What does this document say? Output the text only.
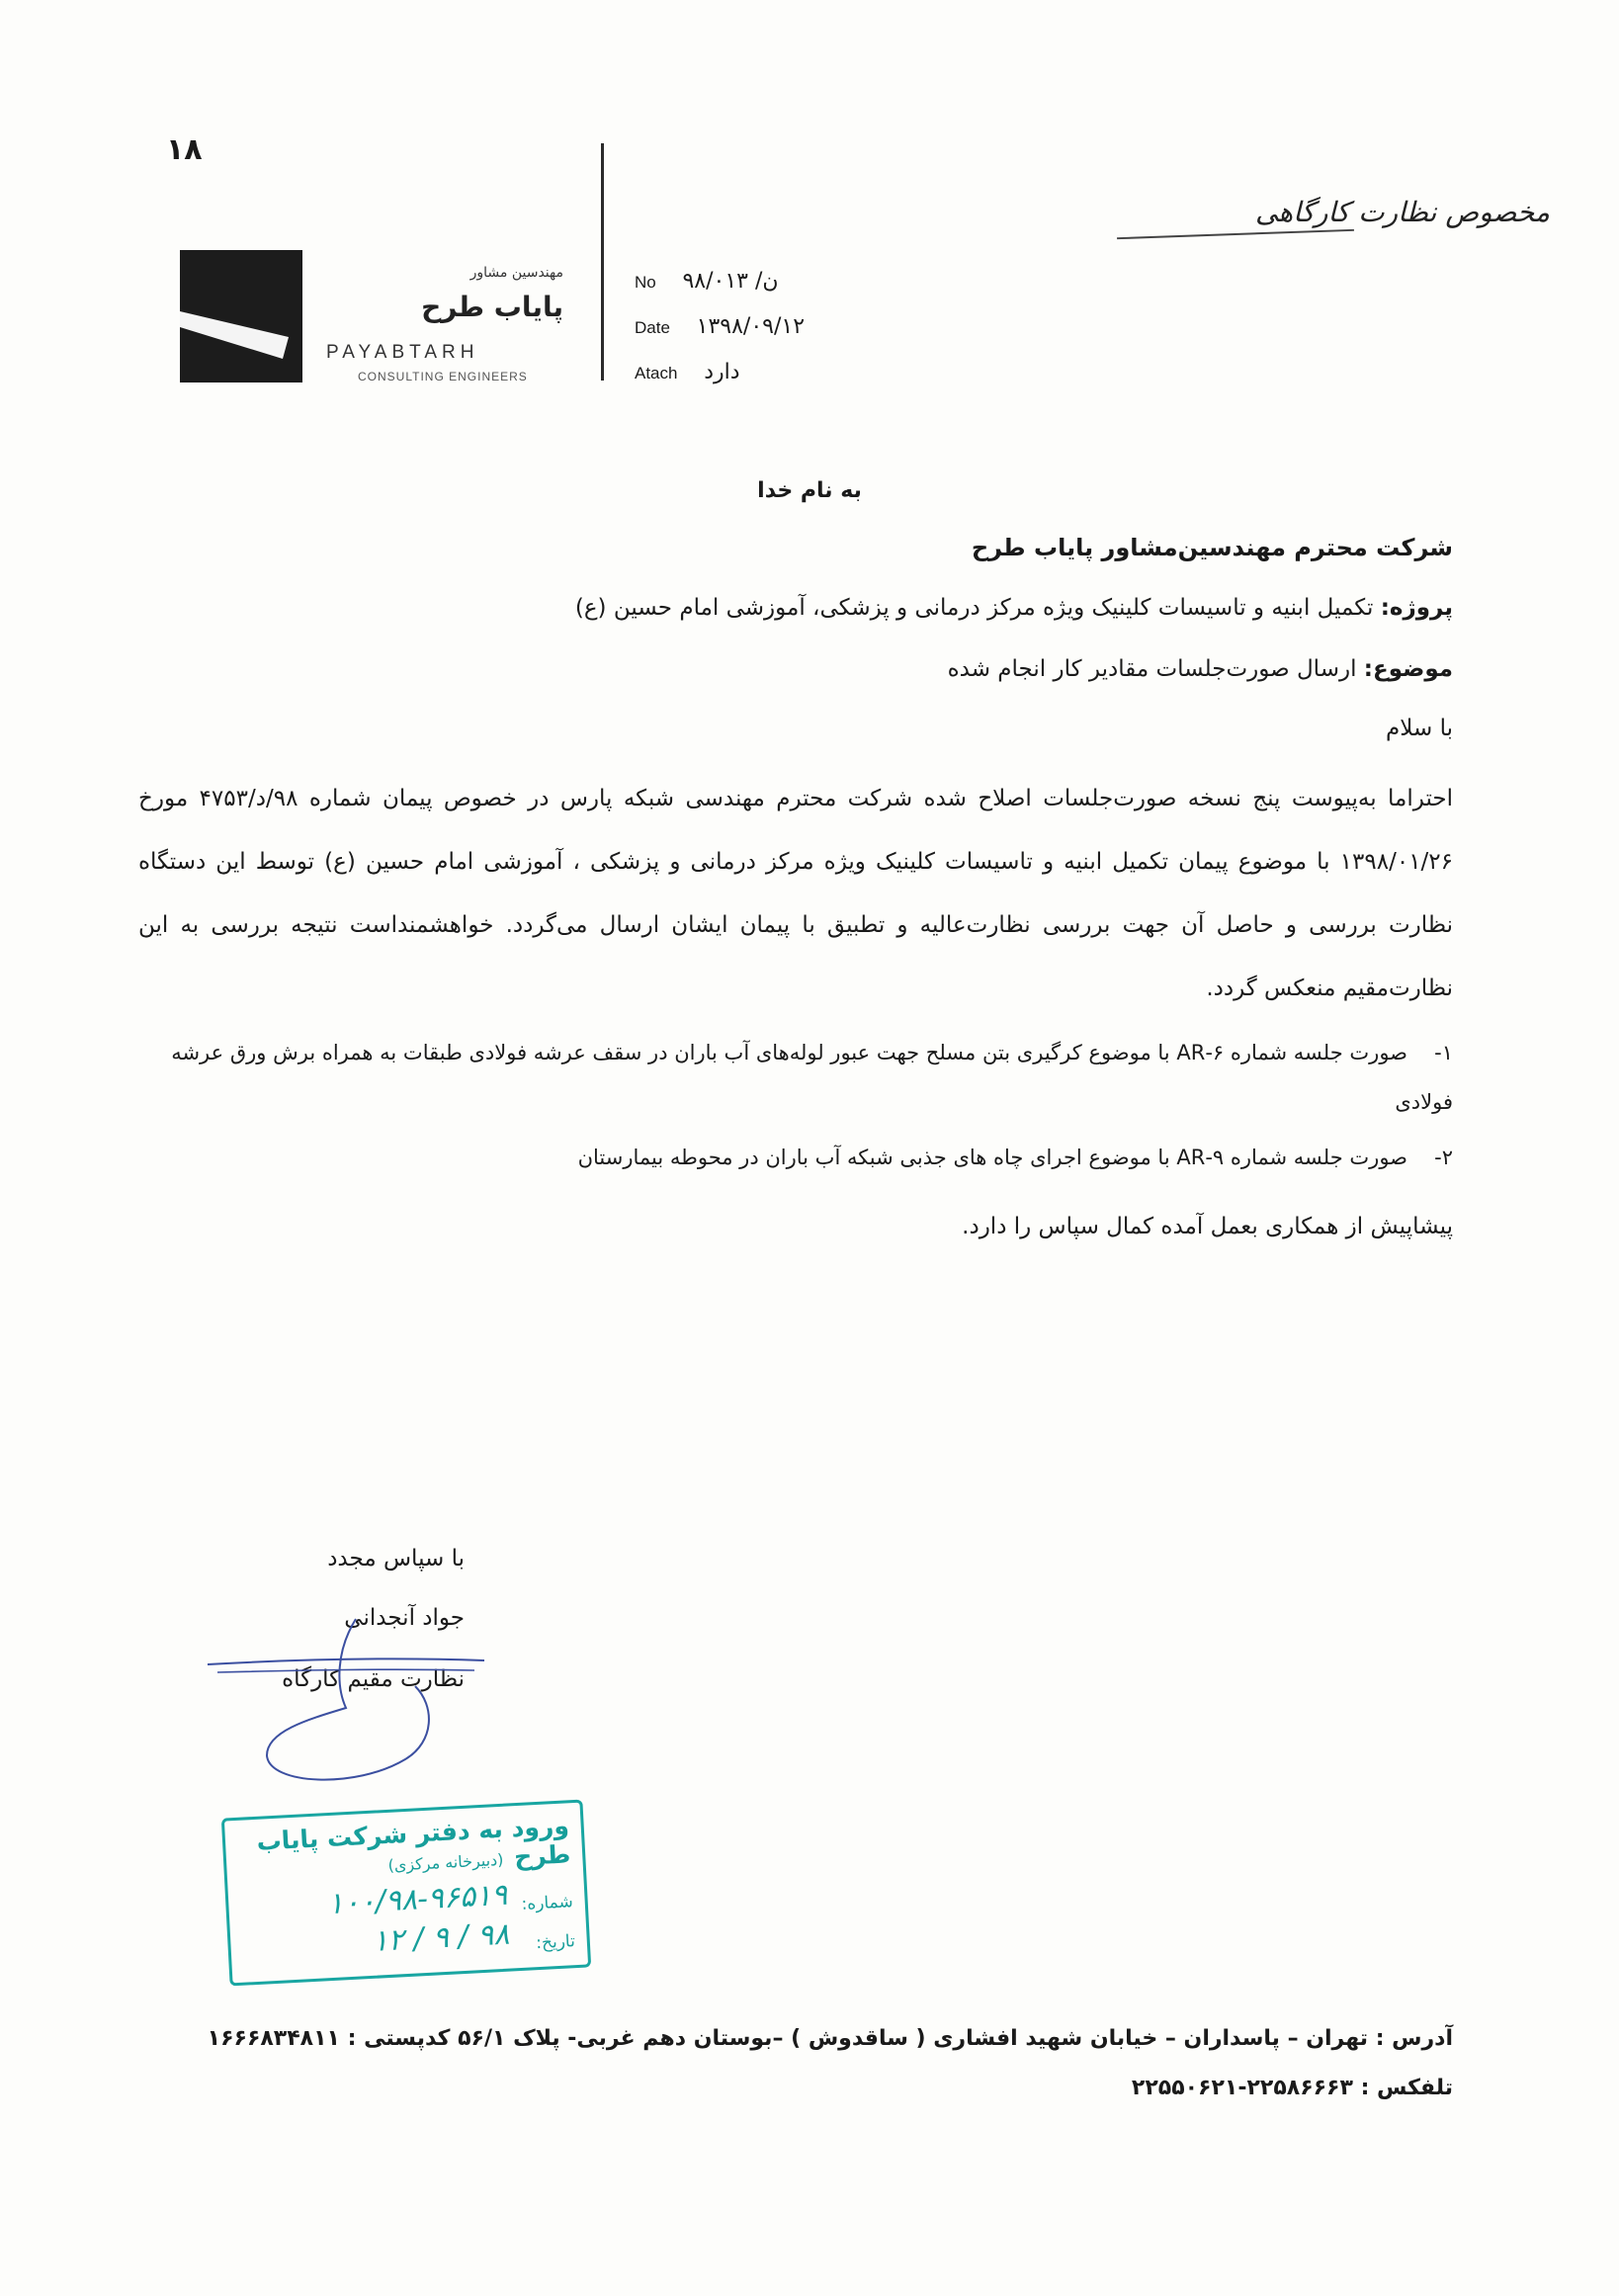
۱۸
مهندسین مشاور
پایاب طرح
PAYABTARH
CONSULTING ENGINEERS
No ۹۸/ن/ ۰۱۳
Date ۱۳۹۸/۰۹/۱۲
Atach دارد
مخصوص نظارت کارگاهی
به نام خدا
شرکت محترم مهندسین‌مشاور پایاب طرح
پروژه: تکمیل ابنیه و تاسیسات کلینیک ویژه مرکز درمانی و پزشکی، آموزشی امام حسین (ع)
موضوع: ارسال صورت‌جلسات مقادیر کار انجام شده
با سلام
احتراما به‌پیوست پنج نسخه صورت‌جلسات اصلاح شده شرکت محترم مهندسی شبکه پارس در خصوص پیمان شماره ۹۸/د/۴۷۵۳ مورخ ۱۳۹۸/۰۱/۲۶ با موضوع پیمان تکمیل ابنیه و تاسیسات کلینیک ویژه مرکز درمانی و پزشکی ، آموزشی امام حسین (ع) توسط این دستگاه نظارت بررسی و حاصل آن جهت بررسی نظارت‌عالیه و تطبیق با پیمان ایشان ارسال می‌گردد. خواهشمنداست نتیجه بررسی به این نظارت‌مقیم منعکس گردد.
۱-صورت جلسه شماره ۶-AR با موضوع کرگیری بتن مسلح جهت عبور لوله‌های آب باران در سقف عرشه فولادی طبقات به همراه برش ورق عرشه فولادی
۲-صورت جلسه شماره ۹-AR با موضوع اجرای چاه های جذبی شبکه آب باران در محوطه بیمارستان
پیشاپیش از همکاری بعمل آمده کمال سپاس را دارد.
با سپاس مجدد
جواد آنجدانی
نظارت مقیم کارگاه
ورود به دفتر شرکت پایاب طرح
(دبیرخانه مرکزی)
شماره:
۱۰۰/۹۸-۹۶۵۱۹
تاریخ:
۹۸ / ۹ / ۱۲
آدرس : تهران – پاسداران – خیابان شهید افشاری ( ساقدوش ) –بوستان دهم غربی- پلاک ۵۶/۱ کدپستی : ۱۶۶۶۸۳۴۸۱۱
تلفکس : ۲۲۵۸۶۶۶۳-۲۲۵۵۰۶۲۱
